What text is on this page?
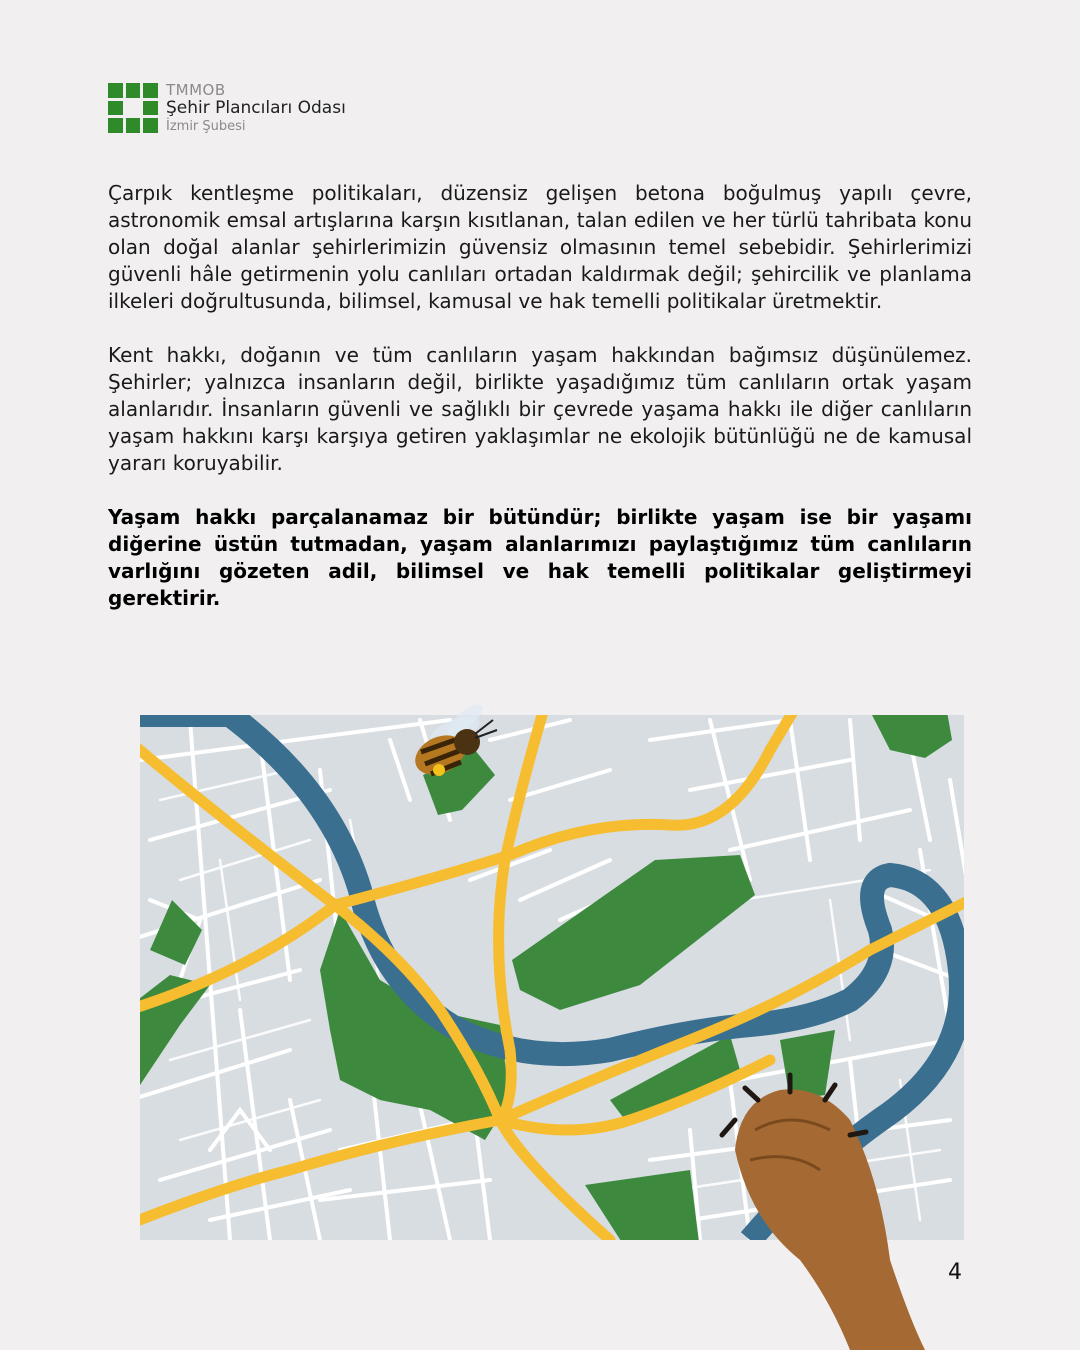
TMMOB
Şehir Plancıları Odası
İzmir Şubesi

Çarpık kentleşme politikaları, düzensiz gelişen betona boğulmuş yapılı çevre, astronomik emsal artışlarına karşın kısıtlanan, talan edilen ve her türlü tahribata konu olan doğal alanlar şehirlerimizin güvensiz olmasının temel sebebidir. Şehirlerimizi güvenli hâle getirmenin yolu canlıları ortadan kaldırmak değil; şehircilik ve planlama ilkeleri doğrultusunda, bilimsel, kamusal ve hak temelli politikalar üretmektir.

Kent hakkı, doğanın ve tüm canlıların yaşam hakkından bağımsız düşünülemez. Şehirler; yalnızca insanların değil, birlikte yaşadığımız tüm canlıların ortak yaşam alanlarıdır. İnsanların güvenli ve sağlıklı bir çevrede yaşama hakkı ile diğer canlıların yaşam hakkını karşı karşıya getiren yaklaşımlar ne ekolojik bütünlüğü ne de kamusal yararı koruyabilir.

Yaşam hakkı parçalanamaz bir bütündür; birlikte yaşam ise bir yaşamı diğerine üstün tutmadan, yaşam alanlarımızı paylaştığımız tüm canlıların varlığını gözeten adil, bilimsel ve hak temelli politikalar geliştirmeyi gerektirir.

4
